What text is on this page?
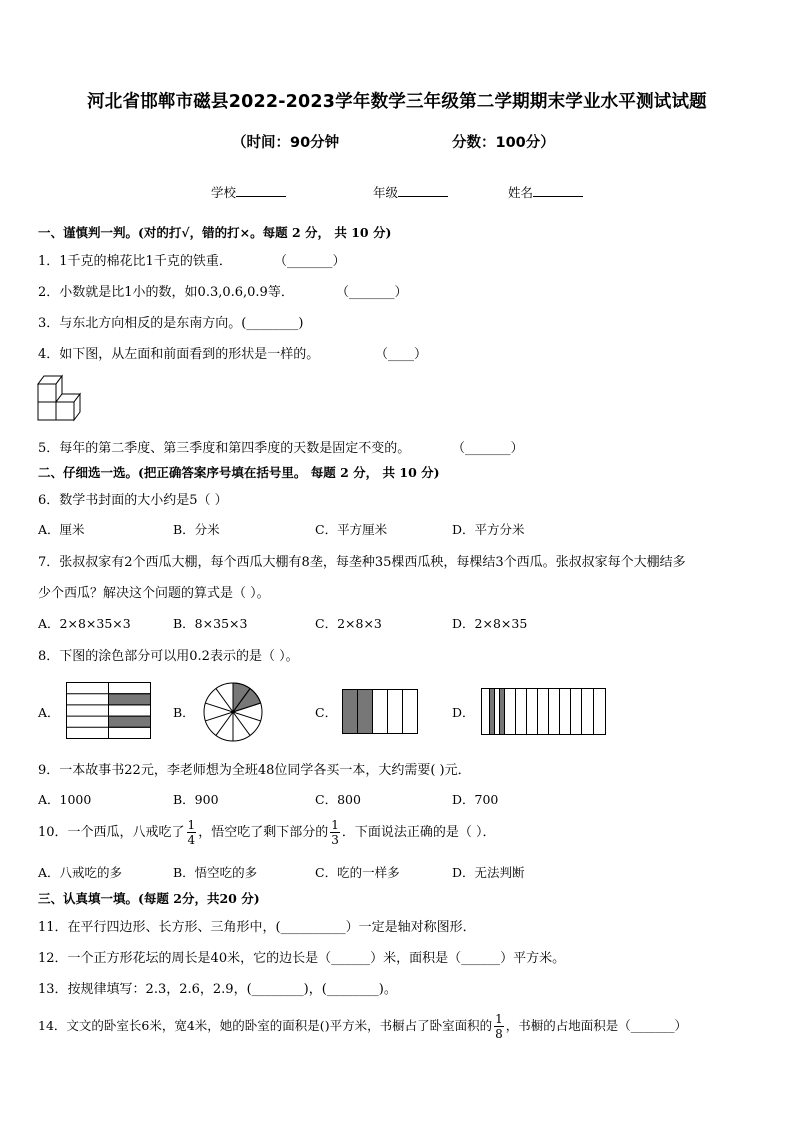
河北省邯郸市磁县2022-2023学年数学三年级第二学期期末学业水平测试试题
（时间：90分钟	分数：100分）
学校	年级	姓名
一、谨慎判一判。(对的打√，错的打×。每题 2 分， 共 10 分)
1．1千克的棉花比1千克的铁重．	（_______）
2．小数就是比1小的数，如0.3,0.6,0.9等．	（_______）
3．与东北方向相反的是东南方向。(________)
4．如下图，从左面和前面看到的形状是一样的。	（____）
5．每年的第二季度、第三季度和第四季度的天数是固定不变的。	（_______）
二、仔细选一选。(把正确答案序号填在括号里。 每题 2 分， 共 10 分)
6．数学书封面的大小约是5（ ）
A．厘米	B．分米	C．平方厘米	D．平方分米
7．张叔叔家有2个西瓜大棚，每个西瓜大棚有8垄，每垄种35棵西瓜秧，每棵结3个西瓜。张叔叔家每个大棚结多
少个西瓜？解决这个问题的算式是（ ）。
A．2×8×35×3	B．8×35×3	C．2×8×3	D．2×8×35
8．下图的涂色部分可以用0.2表示的是（ ）。
A．	B．	C．	D．
9．一本故事书22元，李老师想为全班48位同学各买一本，大约需要( )元．
A．1000	B．900	C．800	D．700
10．一个西瓜，八戒吃了 $\frac{1}{4}$ ，悟空吃了剩下部分的 $\frac{1}{3}$ ．下面说法正确的是（ ）．
A．八戒吃的多	B．悟空吃的多	C．吃的一样多	D．无法判断
三、认真填一填。(每题 2分，共20 分)
11．在平行四边形、长方形、三角形中，(__________）一定是轴对称图形．
12．一个正方形花坛的周长是40米，它的边长是（______）米，面积是（______）平方米。
13．按规律填写：2.3，2.6，2.9，(________)，(________)。
14．文文的卧室长6米，宽4米，她的卧室的面积是()平方米，书橱占了卧室面积的 $\frac{1}{8}$ ，书橱的占地面积是（_______）
